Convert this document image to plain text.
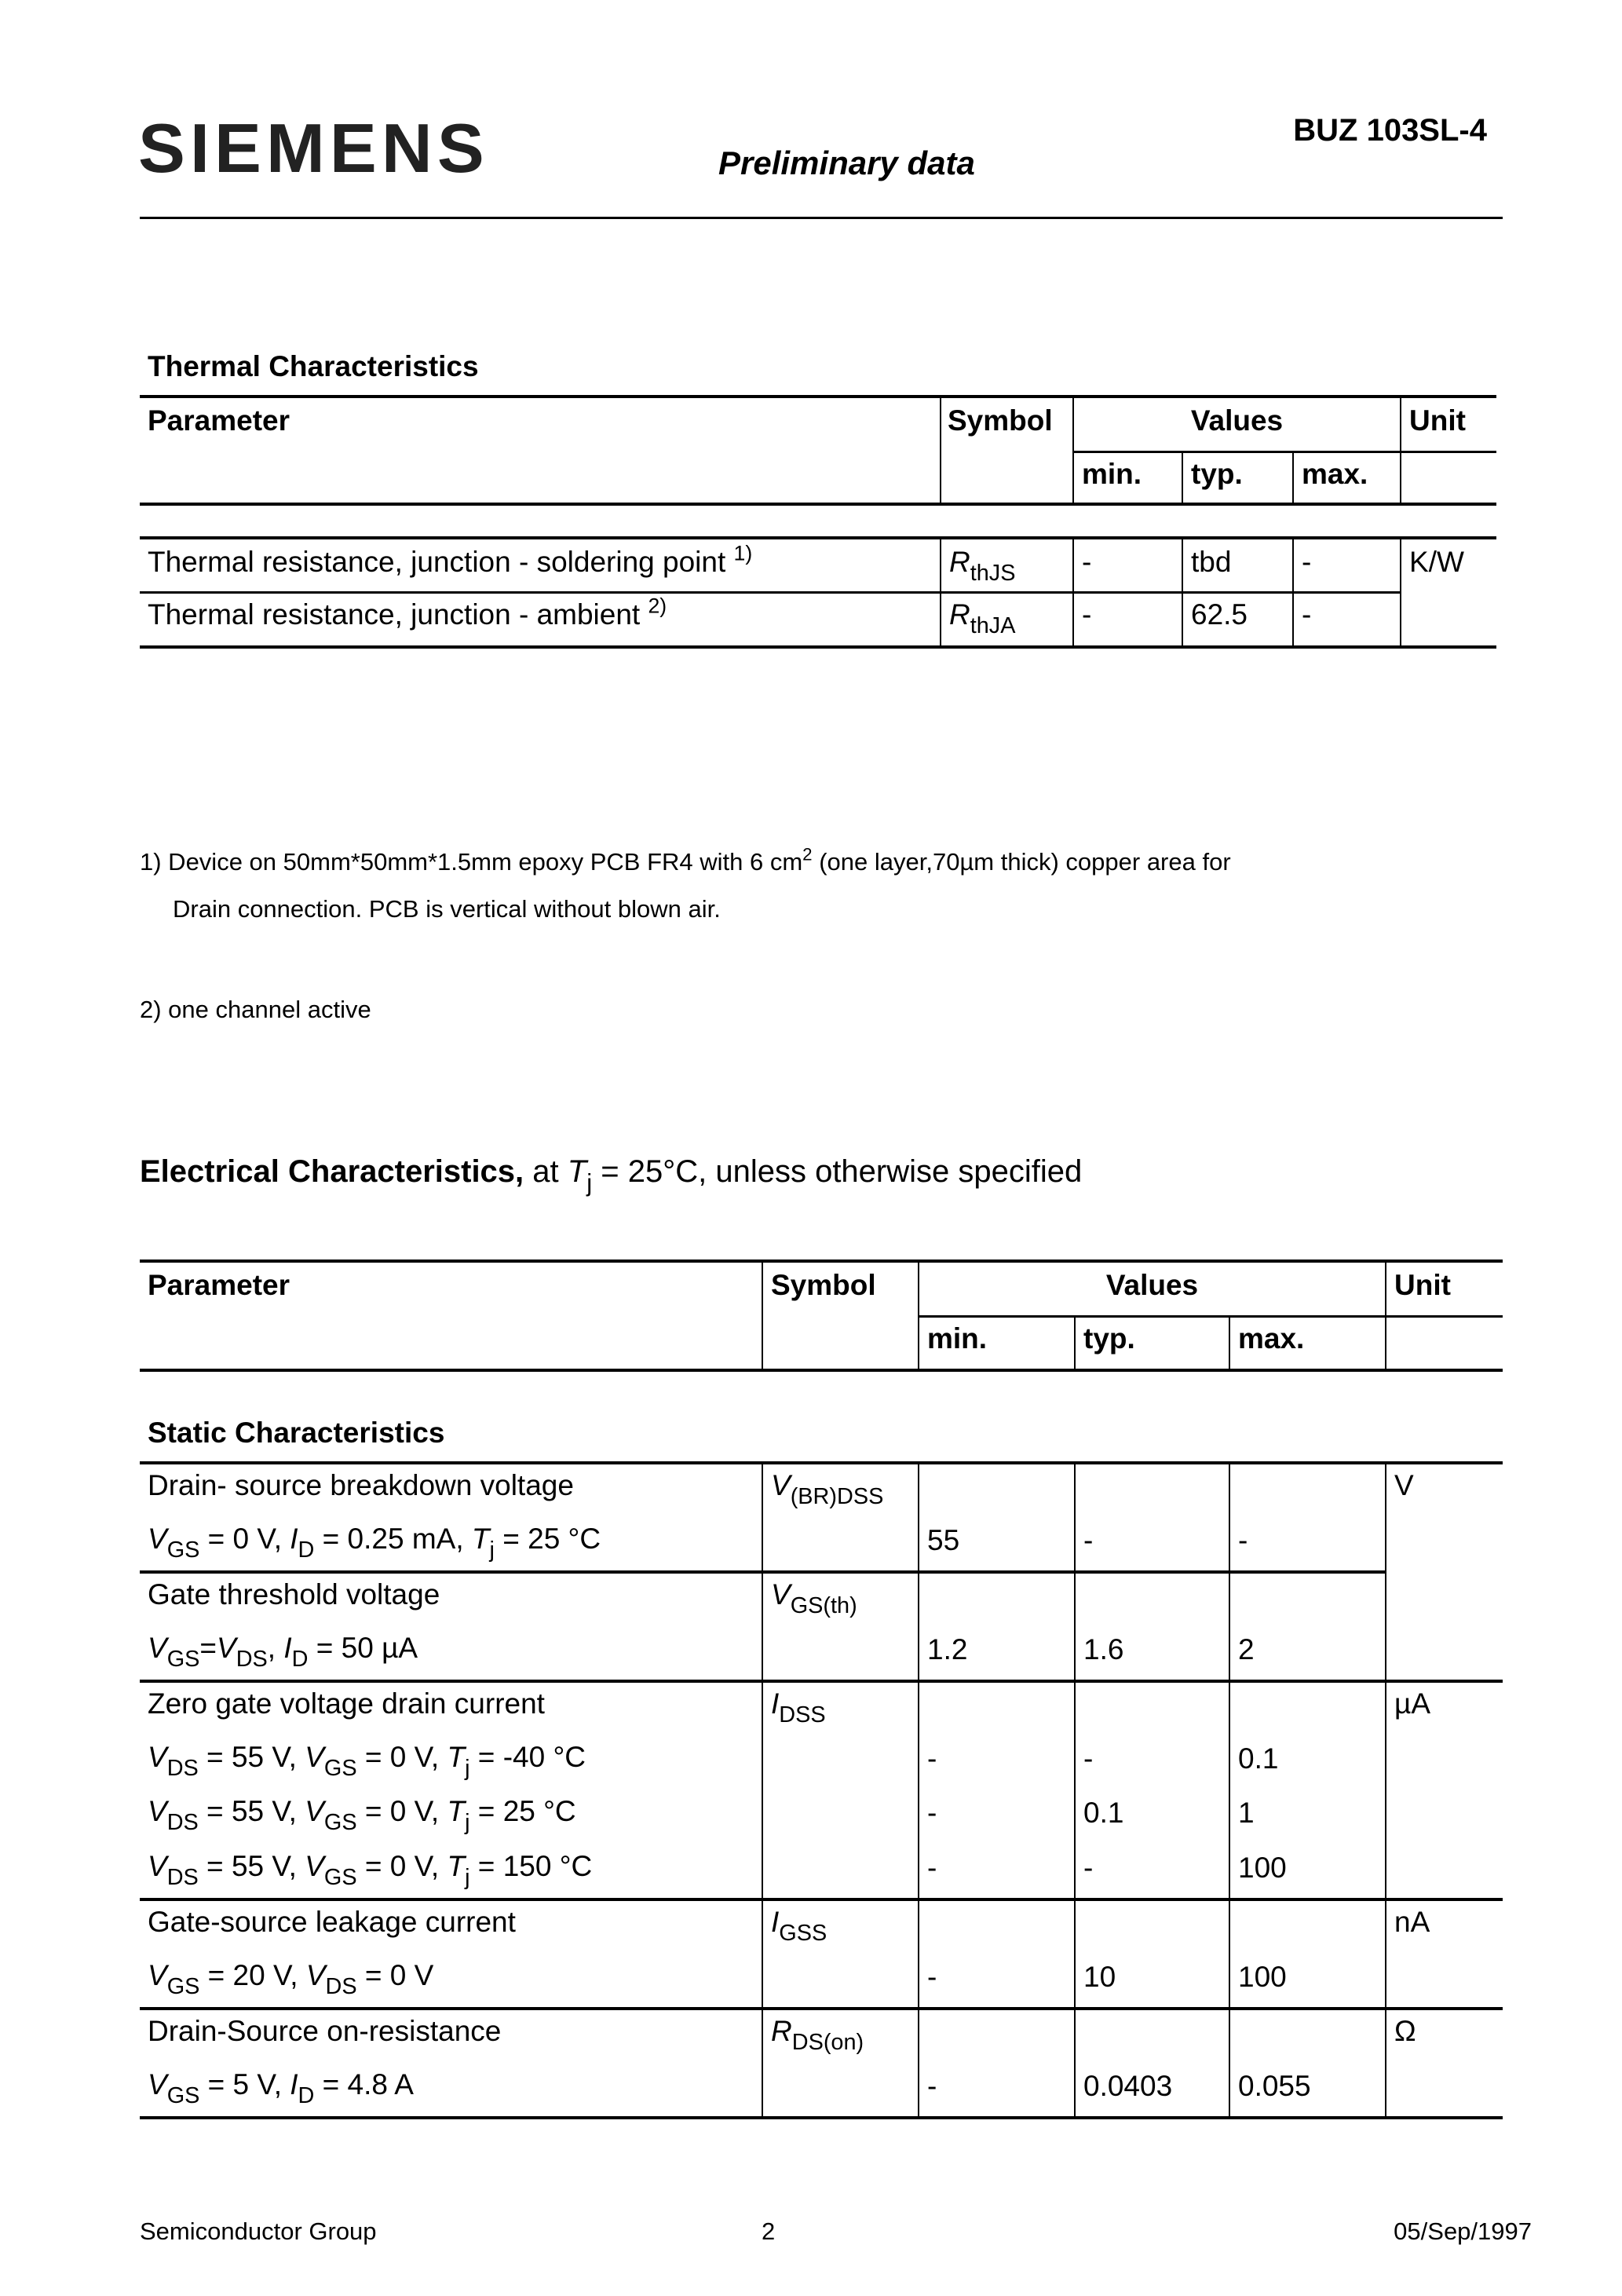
SIEMENS	Preliminary data
BUZ 103SL-4
Thermal Characteristics
Parameter	Symbol	Values			Unit
		min.	typ.	max.	
Thermal resistance, junction - soldering point $^{1)}$	$R_{thJS}$	-	tbd	-	K/W
Thermal resistance, junction - ambient $^{2)}$	$R_{thJA}$	-	62.5	-	
1) Device on 50mm*50mm*1.5mm epoxy PCB FR4 with 6 $cm^2$ (one layer,70µm thick) copper area for
Drain connection. PCB is vertical without blown air.
2) one channel active
Electrical Characteristics, at $T_j = 25^\circ C$, unless otherwise specified
Parameter	Symbol	Values			Unit
		min.	typ.	max.	
Static Characteristics
Drain- source breakdown voltage	$V_{(BR)DSS}$				V
$V_{GS} = 0$ V, $I_D = 0.25$ mA, $T_j = 25$ °C		55	-	-	
Gate threshold voltage	$V_{GS(th)}$			
$V_{GS}=V_{DS}$, $I_D = 50$ µA		1.2	1.6	2	
Zero gate voltage drain current	$I_{DSS}$				µA
$V_{DS} = 55$ V, $V_{GS} = 0$ V, $T_j = -40$ °C		-	-	0.1	
$V_{DS} = 55$ V, $V_{GS} = 0$ V, $T_j = 25$ °C		-	0.1	1	
$V_{DS} = 55$ V, $V_{GS} = 0$ V, $T_j = 150$ °C		-	-	100	
Gate-source leakage current	$I_{GSS}$				nA
$V_{GS} = 20$ V, $V_{DS} = 0$ V		-	10	100	
Drain-Source on-resistance	$R_{DS(on)}$				Ω
$V_{GS} = 5$ V, $I_D = 4.8$ A		-	0.0403	0.055	
Semiconductor Group	2	05/Sep/1997
